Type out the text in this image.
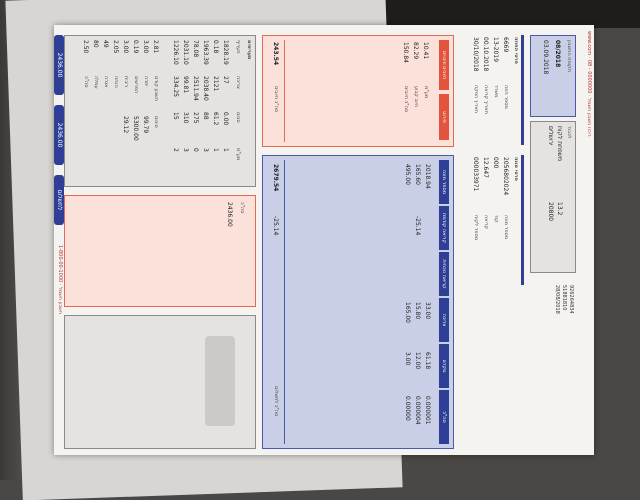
www.com · 08 - 0000000 · ריכוז חשבון חשמל
תקופת החשבון
08/2018
03.09.2018
לכבוד
משפחת לקוח
ירושלים
13.2
20800
926264834
51881810
28/08/2018
פרטי החוזה
6669
13-2019
00.10.2018
30/10/2018
מספר חוזה
משרד
תאריך קריאה
תאריך הפקה
פרטי מונה
2056802024
000
12.647
000033971
מספר מונה
קוד
קריאה
מספר לקוח
חיובים וזיכויים
פירוט
10.41
82.29
150.84
מע"מ
חיוב קבוע
סה"כ חיובים
243.54
סה"כ חיובים
מספר מונה
קריאה קודמת
קריאה נוכחית
צריכה
מקדם
סה"כ
2018.94
165.60
495.00
-25.14
33.00
15.80
165.00
61.18
12.00
3.00
0.000001
0.000004
0.00000
2679.54
-25.14
סה"כ לתשלום
תעריפים
תעריף
צריכה
סכום
מע"מ
1828.19
27
0.00
1
0.18
2121
61.2
1
1963.39
2038.40
88
3
78.08
2511.94
275
0
2031.10
99.81
310
3
1226.10
334.25
15
2
2.81
3.00
0.19
3.00
2.05
49
80
2.50
חשבון קודם
יתרה
הפרשים
ריבית
הנחה
אגרה
עמלה
סה"כ
סיכום
99.79
5300.00
29.12
סה"כ
2436.00
2436.00
2436.00
לתשלום
חשבון חשמל · 1-800-00-1000
